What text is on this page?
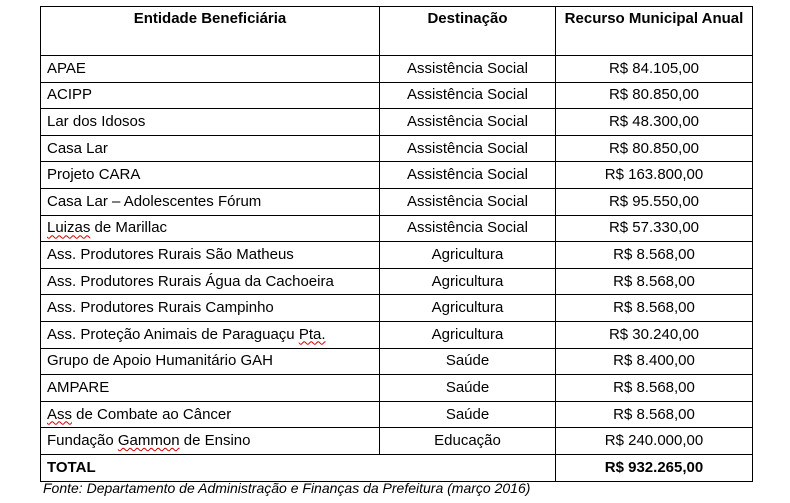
Entidade Beneficiária	Destinação	Recurso Municipal Anual
APAE	Assistência Social	R$ 84.105,00
ACIPP	Assistência Social	R$ 80.850,00
Lar dos Idosos	Assistência Social	R$ 48.300,00
Casa Lar	Assistência Social	R$ 80.850,00
Projeto CARA	Assistência Social	R$ 163.800,00
Casa Lar – Adolescentes Fórum	Assistência Social	R$ 95.550,00
Luizas de Marillac	Assistência Social	R$ 57.330,00
Ass. Produtores Rurais São Matheus	Agricultura	R$ 8.568,00
Ass. Produtores Rurais Água da Cachoeira	Agricultura	R$ 8.568,00
Ass. Produtores Rurais Campinho	Agricultura	R$ 8.568,00
Ass. Proteção Animais de Paraguaçu Pta.	Agricultura	R$ 30.240,00
Grupo de Apoio Humanitário GAH	Saúde	R$ 8.400,00
AMPARE	Saúde	R$ 8.568,00
Ass de Combate ao Câncer	Saúde	R$ 8.568,00
Fundação Gammon de Ensino	Educação	R$ 240.000,00
TOTAL		R$ 932.265,00

Fonte: Departamento de Administração e Finanças da Prefeitura (março 2016)
